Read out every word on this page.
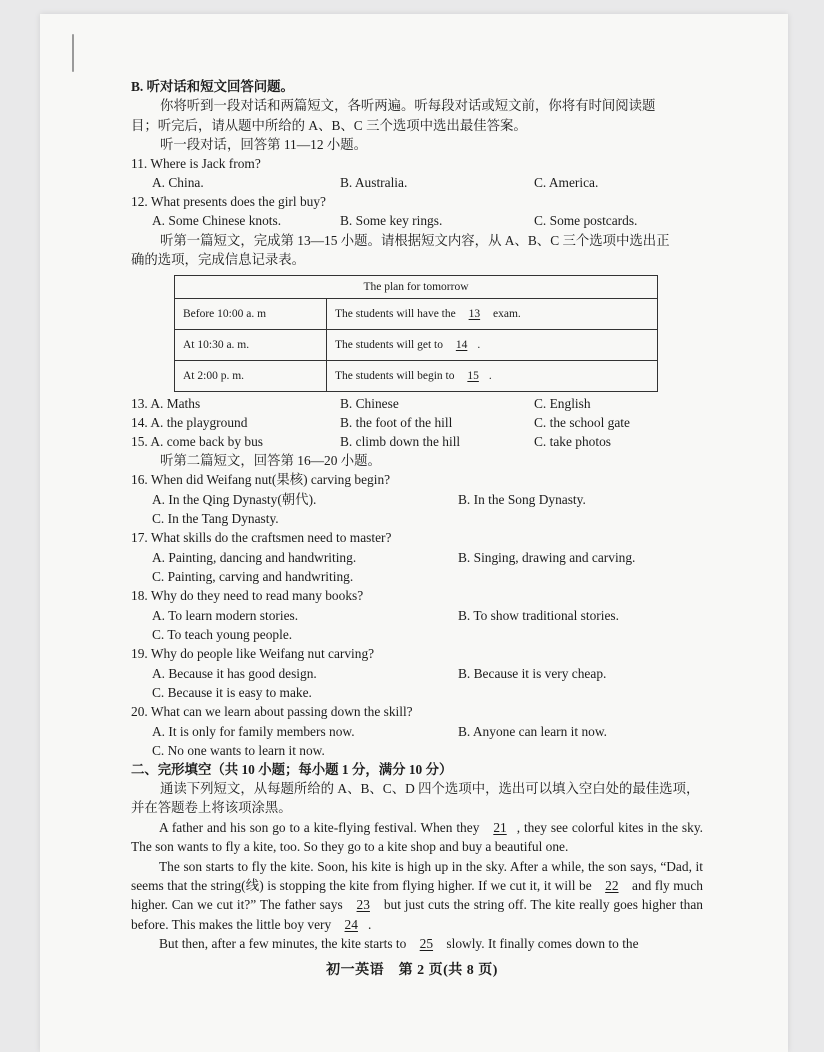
B. 听对话和短文回答问题。
你将听到一段对话和两篇短文，各听两遍。听每段对话或短文前，你将有时间阅读题
目；听完后，请从题中所给的 A、B、C 三个选项中选出最佳答案。
听一段对话，回答第 11—12 小题。
11. Where is Jack from?
A. China.	B. Australia.	C. America.
12. What presents does the girl buy?
A. Some Chinese knots.	B. Some key rings.	C. Some postcards.
听第一篇短文，完成第 13—15 小题。请根据短文内容，从 A、B、C 三个选项中选出正
确的选项，完成信息记录表。
The plan for tomorrow	
Before 10:00 a. m	The students will have the 13 exam.
At 10:30 a. m.	The students will get to 14 .
At 2:00 p. m.	The students will begin to 15 .
13. A. Maths	B. Chinese	C. English
14. A. the playground	B. the foot of the hill	C. the school gate
15. A. come back by bus	B. climb down the hill	C. take photos
听第二篇短文，回答第 16—20 小题。
16. When did Weifang nut(果核) carving begin?
A. In the Qing Dynasty(朝代).	B. In the Song Dynasty.
C. In the Tang Dynasty.
17. What skills do the craftsmen need to master?
A. Painting, dancing and handwriting.	B. Singing, drawing and carving.
C. Painting, carving and handwriting.
18. Why do they need to read many books?
A. To learn modern stories.	B. To show traditional stories.
C. To teach young people.
19. Why do people like Weifang nut carving?
A. Because it has good design.	B. Because it is very cheap.
C. Because it is easy to make.
20. What can we learn about passing down the skill?
A. It is only for family members now.	B. Anyone can learn it now.
C. No one wants to learn it now.
二、完形填空（共 10 小题；每小题 1 分，满分 10 分）
通读下列短文，从每题所给的 A、B、C、D 四个选项中，选出可以填入空白处的最佳选项，
并在答题卷上将该项涂黑。
A father and his son go to a kite-flying festival. When they 21 , they see colorful kites in the sky. The son wants to fly a kite, too. So they go to a kite shop and buy a beautiful one.
The son starts to fly the kite. Soon, his kite is high up in the sky. After a while, the son says, “Dad, it seems that the string(线) is stopping the kite from flying higher. If we cut it, it will be 22 and fly much higher. Can we cut it?” The father says 23 but just cuts the string off. The kite really goes higher than before. This makes the little boy very 24 .
But then, after a few minutes, the kite starts to 25 slowly. It finally comes down to the
初一英语　第 2 页(共 8 页)
